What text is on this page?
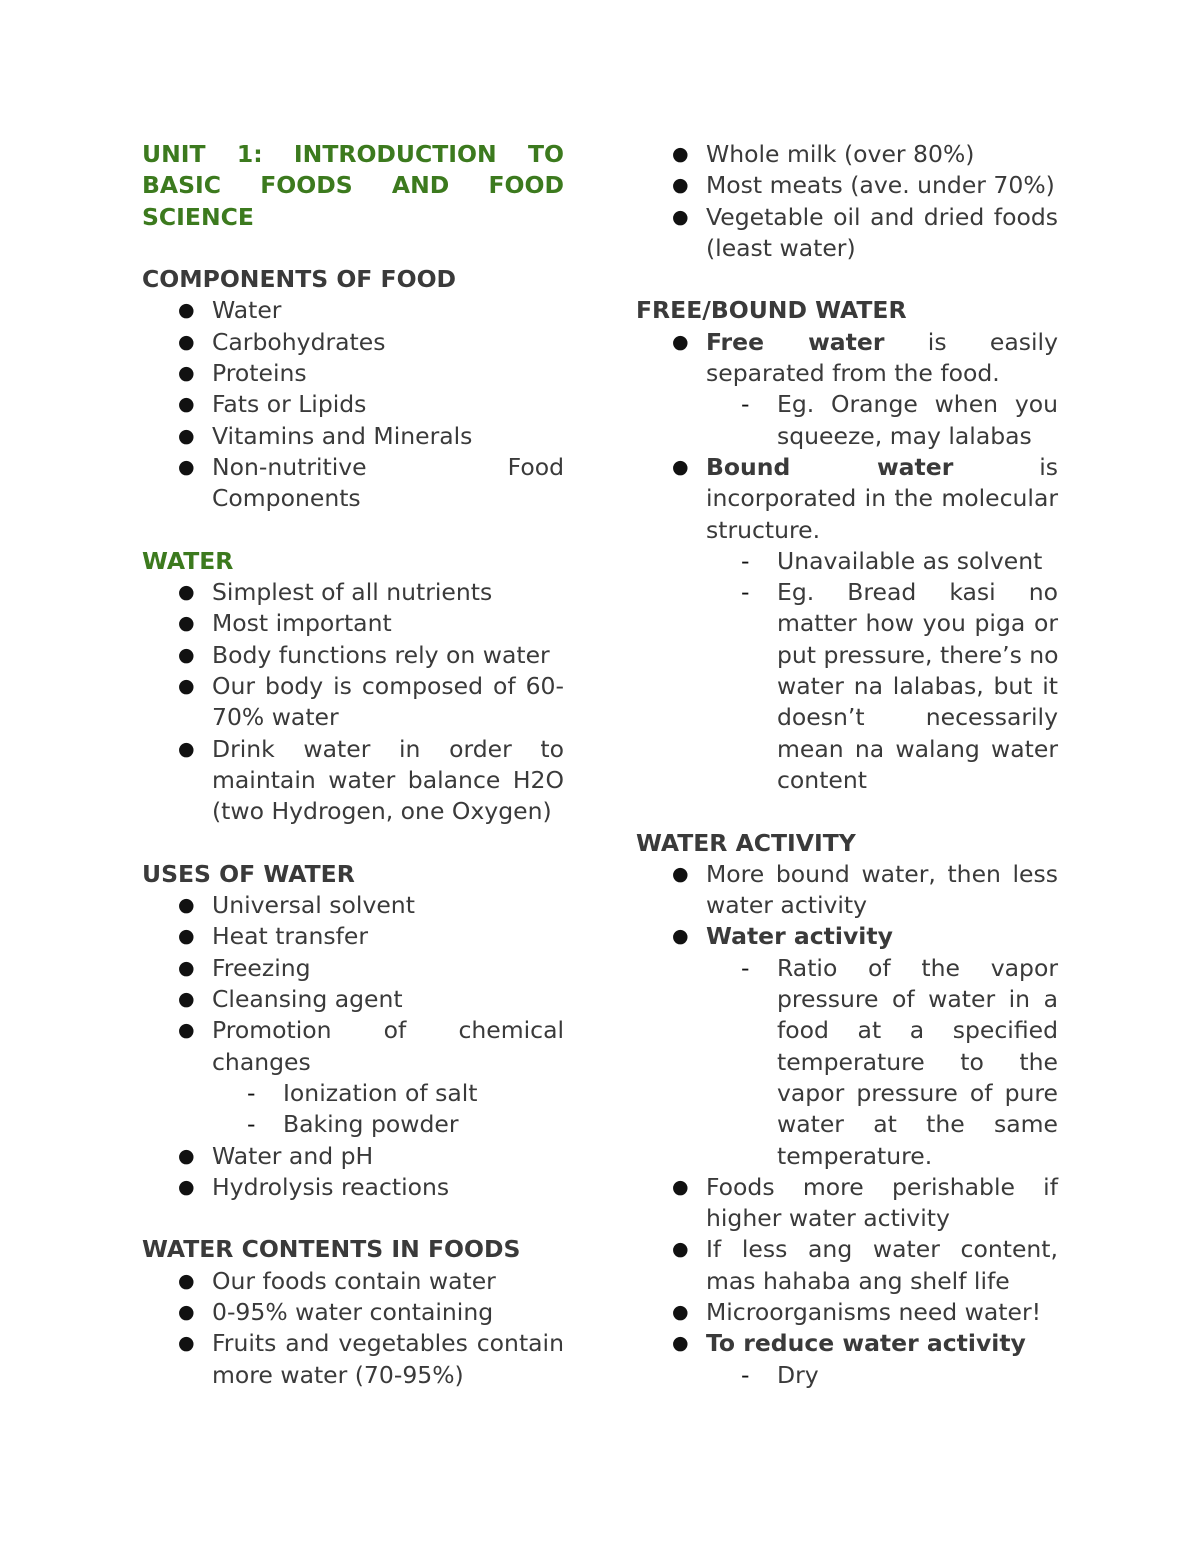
UNIT 1: INTRODUCTION TO
BASIC FOODS AND FOOD
SCIENCE
COMPONENTS OF FOOD
● Water
● Carbohydrates
● Proteins
● Fats or Lipids
● Vitamins and Minerals
● Non-nutritive Food
Components
WATER
● Simplest of all nutrients
● Most important
● Body functions rely on water
● Our body is composed of 60-
70% water
● Drink water in order to
maintain water balance H2O
(two Hydrogen, one Oxygen)
USES OF WATER
● Universal solvent
● Heat transfer
● Freezing
● Cleansing agent
● Promotion of chemical
changes
- Ionization of salt
- Baking powder
● Water and pH
● Hydrolysis reactions
WATER CONTENTS IN FOODS
● Our foods contain water
● 0-95% water containing
● Fruits and vegetables contain
more water (70-95%)
● Whole milk (over 80%)
● Most meats (ave. under 70%)
● Vegetable oil and dried foods
(least water)
FREE/BOUND WATER
● Free water is easily
separated from the food.
- Eg. Orange when you
squeeze, may lalabas
● Bound water	is
incorporated in the molecular
structure.
- Unavailable as solvent
- Eg. Bread kasi no
matter how you piga or
put pressure, there’s no
water na lalabas, but it
doesn’t necessarily
mean na walang water
content
WATER ACTIVITY
● More bound water, then less
water activity
● Water activity
- Ratio of the vapor
pressure of water in a
food at a specified
temperature to the
vapor pressure of pure
water at the same
temperature.
● Foods more perishable if
higher water activity
● If less ang water content,
mas hahaba ang shelf life
● Microorganisms need water!
● To reduce water activity
- Dry
